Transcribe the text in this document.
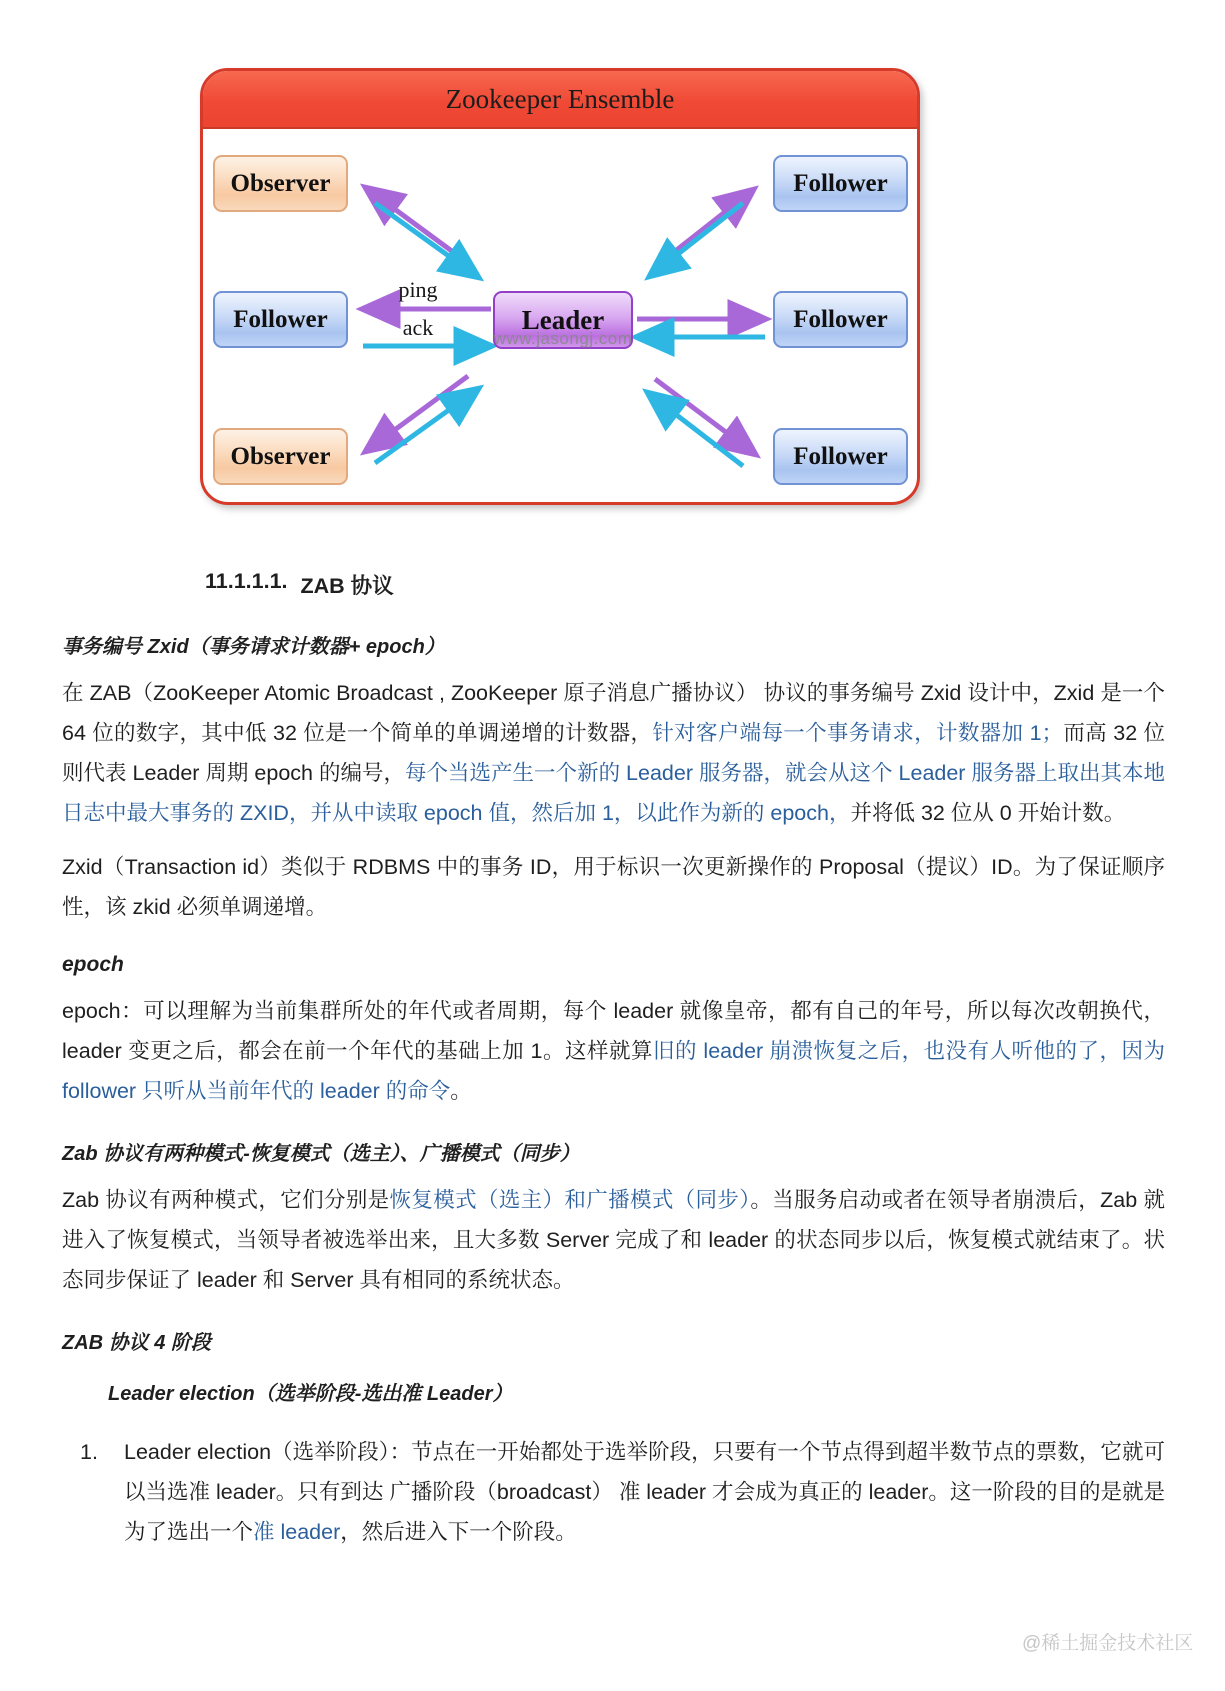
Zookeeper Ensemble
Observer	Follower
Follower	Leader	Follower
Observer	Follower
ping
ack	www.jasongj.com
11.1.1.1. ZAB 协议
事务编号 Zxid（事务请求计数器+ epoch）
在 ZAB（ZooKeeper Atomic Broadcast , ZooKeeper 原子消息广播协议） 协议的事务编号 Zxid 设计中，Zxid 是一个 64 位的数字，其中低 32 位是一个简单的单调递增的计数器，针对客户端每一个事务请求，计数器加 1；而高 32 位则代表 Leader 周期 epoch 的编号，每个当选产生一个新的 Leader 服务器，就会从这个 Leader 服务器上取出其本地日志中最大事务的 ZXID，并从中读取 epoch 值，然后加 1，以此作为新的 epoch，并将低 32 位从 0 开始计数。
Zxid（Transaction id）类似于 RDBMS 中的事务 ID，用于标识一次更新操作的 Proposal（提议）ID。为了保证顺序性，该 zkid 必须单调递增。
epoch
epoch：可以理解为当前集群所处的年代或者周期，每个 leader 就像皇帝，都有自己的年号，所以每次改朝换代，leader 变更之后，都会在前一个年代的基础上加 1。这样就算旧的 leader 崩溃恢复之后，也没有人听他的了，因为 follower 只听从当前年代的 leader 的命令。
Zab 协议有两种模式-恢复模式（选主）、广播模式（同步）
Zab 协议有两种模式，它们分别是恢复模式（选主）和广播模式（同步）。当服务启动或者在领导者崩溃后，Zab 就进入了恢复模式，当领导者被选举出来，且大多数 Server 完成了和 leader 的状态同步以后，恢复模式就结束了。状态同步保证了 leader 和 Server 具有相同的系统状态。
ZAB 协议 4 阶段
Leader election（选举阶段-选出准 Leader）
1.	Leader election（选举阶段）：节点在一开始都处于选举阶段，只要有一个节点得到超半数节点的票数，它就可以当选准 leader。只有到达 广播阶段（broadcast） 准 leader 才会成为真正的 leader。这一阶段的目的是就是为了选出一个准 leader，然后进入下一个阶段。
@稀土掘金技术社区
